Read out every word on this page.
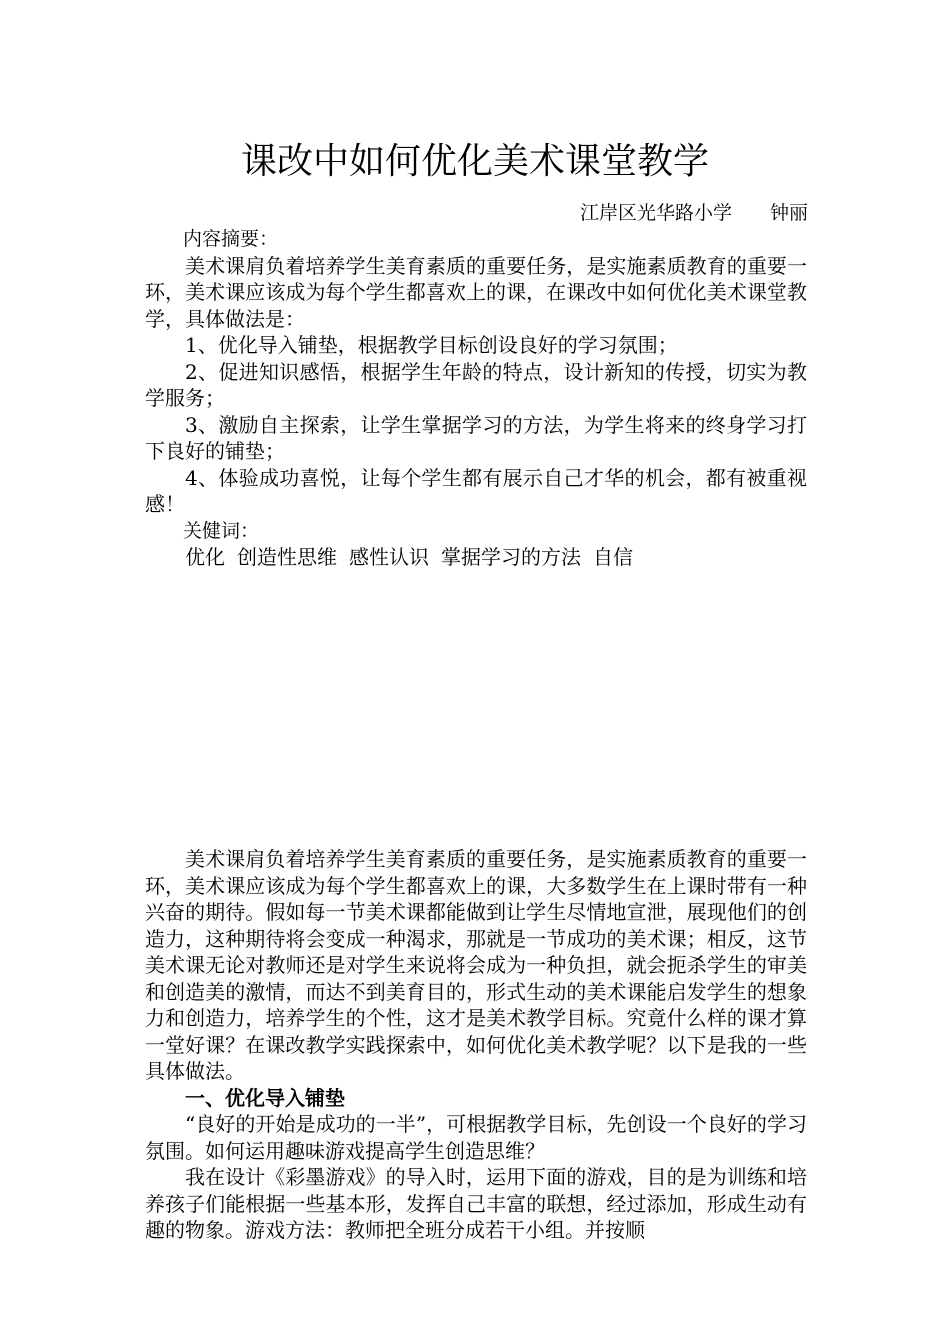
课改中如何优化美术课堂教学
江岸区光华路小学　　钟丽

内容摘要：

美术课肩负着培养学生美育素质的重要任务，是实施素质教育的重要一环，美术课应该成为每个学生都喜欢上的课，在课改中如何优化美术课堂教学，具体做法是：

1、优化导入铺垫，根据教学目标创设良好的学习氛围；

2、促进知识感悟，根据学生年龄的特点，设计新知的传授，切实为教学服务；

3、激励自主探索，让学生掌据学习的方法，为学生将来的终身学习打下良好的铺垫；

4、体验成功喜悦，让每个学生都有展示自己才华的机会，都有被重视感！

关健词：

优化 创造性思维 感性认识 掌据学习的方法 自信

美术课肩负着培养学生美育素质的重要任务，是实施素质教育的重要一环，美术课应该成为每个学生都喜欢上的课，大多数学生在上课时带有一种兴奋的期待。假如每一节美术课都能做到让学生尽情地宣泄，展现他们的创造力，这种期待将会变成一种渴求，那就是一节成功的美术课；相反，这节美术课无论对教师还是对学生来说将会成为一种负担，就会扼杀学生的审美和创造美的激情，而达不到美育目的，形式生动的美术课能启发学生的想象力和创造力，培养学生的个性，这才是美术教学目标。究竟什么样的课才算一堂好课？在课改教学实践探索中，如何优化美术教学呢？以下是我的一些具体做法。

一、优化导入铺垫

“良好的开始是成功的一半”，可根据教学目标，先创设一个良好的学习氛围。如何运用趣味游戏提高学生创造思维？

我在设计《彩墨游戏》的导入时，运用下面的游戏，目的是为训练和培养孩子们能根据一些基本形，发挥自己丰富的联想，经过添加，形成生动有趣的物象。游戏方法：教师把全班分成若干小组。并按顺
